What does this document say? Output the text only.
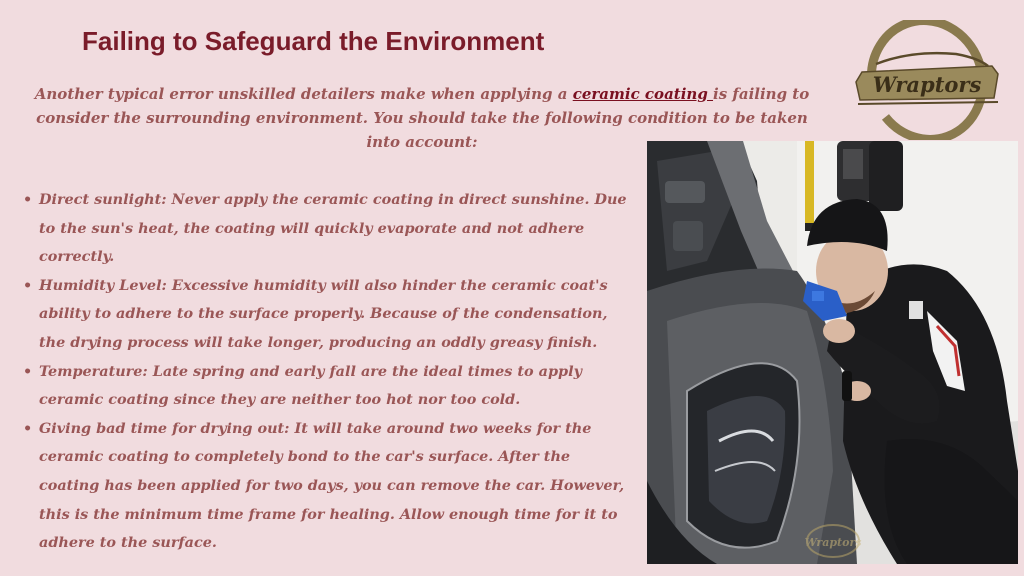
Failing to Safeguard the Environment

Another typical error unskilled detailers make when applying a ceramic coating is failing to consider the surrounding environment. You should take the following condition to be taken into account:

• Direct sunlight: Never apply the ceramic coating in direct sunshine. Due to the sun's heat, the coating will quickly evaporate and not adhere correctly.
• Humidity Level: Excessive humidity will also hinder the ceramic coat's ability to adhere to the surface properly. Because of the condensation, the drying process will take longer, producing an oddly greasy finish.
• Temperature: Late spring and early fall are the ideal times to apply ceramic coating since they are neither too hot nor too cold.
• Giving bad time for drying out: It will take around two weeks for the ceramic coating to completely bond to the car's surface. After the coating has been applied for two days, you can remove the car. However, this is the minimum time frame for healing. Allow enough time for it to adhere to the surface.
Wraptors
Wraptors
